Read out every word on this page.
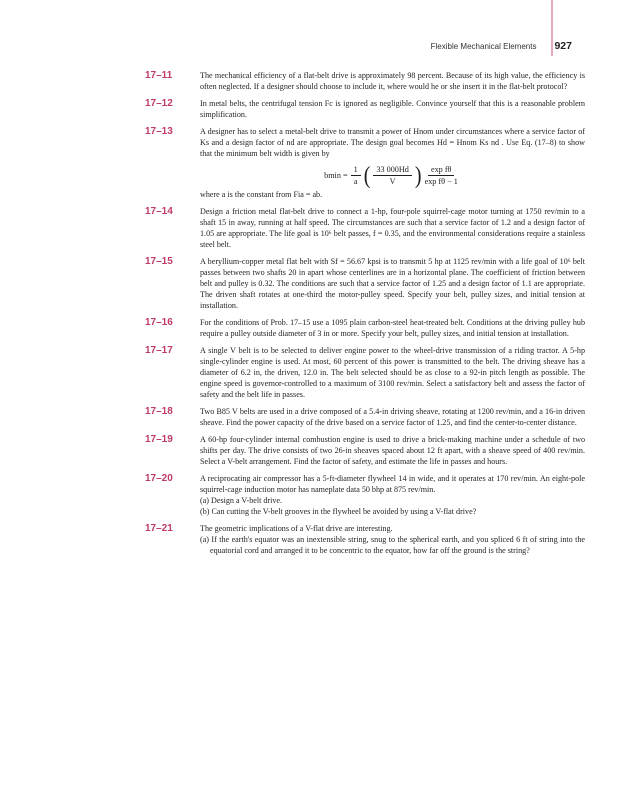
Flexible Mechanical Elements 927
17–11	The mechanical efficiency of a flat-belt drive is approximately 98 percent. Because of its high value, the efficiency is often neglected. If a designer should choose to include it, where would he or she insert it in the flat-belt protocol?

17–12	In metal belts, the centrifugal tension Fc is ignored as negligible. Convince yourself that this is a reasonable problem simplification.

17–13	A designer has to select a metal-belt drive to transmit a power of Hnom under circumstances where a service factor of Ks and a design factor of nd are appropriate. The design goal becomes Hd = Hnom Ks nd . Use Eq. (17–8) to show that the minimum belt width is given by

$bmin = \frac{1}{a}$ ( $\frac{33 000Hd}{V}$ ) $\frac{\text{exp fθ}}{\text{exp fθ − 1}}$

where a is the constant from Fia = ab.

17–14	Design a friction metal flat-belt drive to connect a 1-hp, four-pole squirrel-cage motor turning at 1750 rev/min to a shaft 15 in away, running at half speed. The circumstances are such that a service factor of 1.2 and a design factor of 1.05 are appropriate. The life goal is 10⁶ belt passes, f = 0.35, and the environmental considerations require a stainless steel belt.

17–15	A beryllium-copper metal flat belt with Sf = 56.67 kpsi is to transmit 5 hp at 1125 rev/min with a life goal of 10⁶ belt passes between two shafts 20 in apart whose centerlines are in a horizontal plane. The coefficient of friction between belt and pulley is 0.32. The conditions are such that a service factor of 1.25 and a design factor of 1.1 are appropriate. The driven shaft rotates at one-third the motor-pulley speed. Specify your belt, pulley sizes, and initial tension at installation.

17–16	For the conditions of Prob. 17–15 use a 1095 plain carbon-steel heat-treated belt. Conditions at the driving pulley hub require a pulley outside diameter of 3 in or more. Specify your belt, pulley sizes, and initial tension at installation.

17–17	A single V belt is to be selected to deliver engine power to the wheel-drive transmission of a riding tractor. A 5-hp single-cylinder engine is used. At most, 60 percent of this power is transmitted to the belt. The driving sheave has a diameter of 6.2 in, the driven, 12.0 in. The belt selected should be as close to a 92-in pitch length as possible. The engine speed is governor-controlled to a maximum of 3100 rev/min. Select a satisfactory belt and assess the factor of safety and the belt life in passes.

17–18	Two B85 V belts are used in a drive composed of a 5.4-in driving sheave, rotating at 1200 rev/min, and a 16-in driven sheave. Find the power capacity of the drive based on a service factor of 1.25, and find the center-to-center distance.

17–19	A 60-hp four-cylinder internal combustion engine is used to drive a brick-making machine under a schedule of two shifts per day. The drive consists of two 26-in sheaves spaced about 12 ft apart, with a sheave speed of 400 rev/min. Select a V-belt arrangement. Find the factor of safety, and estimate the life in passes and hours.

17–20	A reciprocating air compressor has a 5-ft-diameter flywheel 14 in wide, and it operates at 170 rev/min. An eight-pole squirrel-cage induction motor has nameplate data 50 bhp at 875 rev/min.

(a) Design a V-belt drive.

(b) Can cutting the V-belt grooves in the flywheel be avoided by using a V-flat drive?

17–21	The geometric implications of a V-flat drive are interesting.

(a) If the earth's equator was an inextensible string, snug to the spherical earth, and you spliced 6 ft of string into the equatorial cord and arranged it to be concentric to the equator, how far off the ground is the string?
